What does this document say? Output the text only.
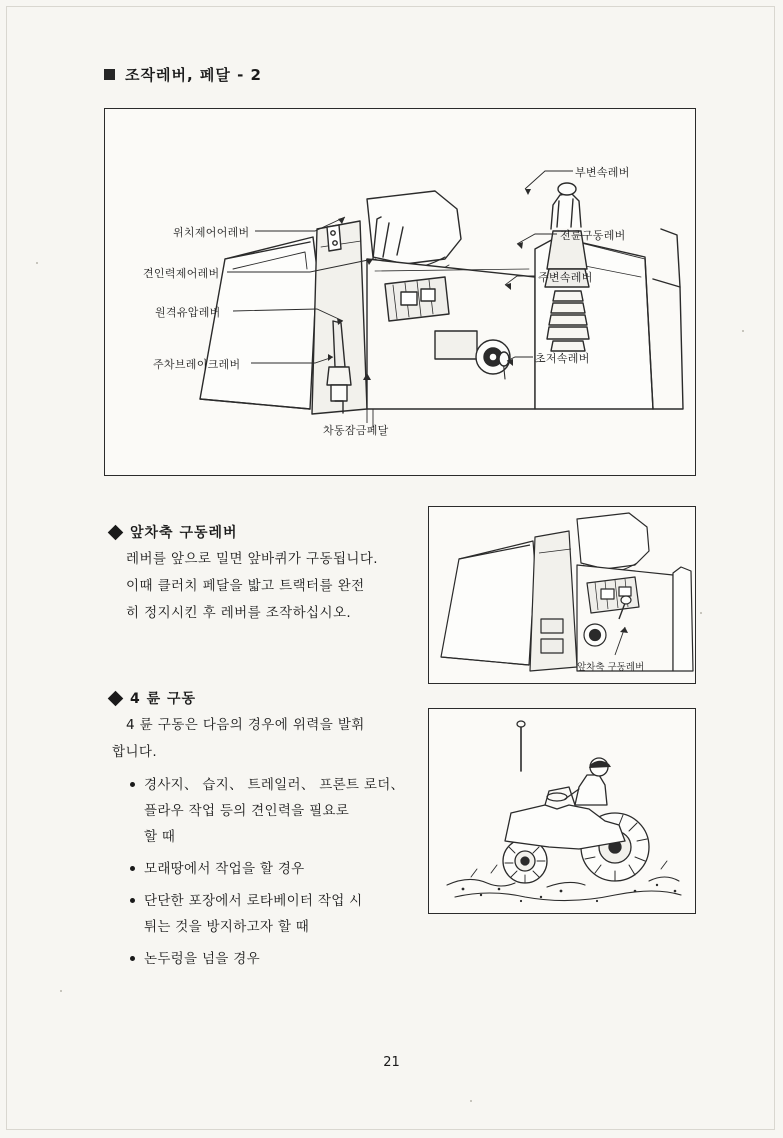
조작레버, 페달 - 2
위치제어어레버
견인력제어레버
원격유압레버
주차브레이크레버
부변속레버
전륜구동레버
주변속레버
초저속레버
차동잠금페달
앞차축 구동레버
레버를 앞으로 밀면 앞바퀴가 구동됩니다.
이때 클러치 페달을 밟고 트랙터를 완전
히 정지시킨 후 레버를 조작하십시오.
앞차축 구동레버
4 륜 구동
4 륜 구동은 다음의 경우에 위력을 발휘
합니다.
경사지、 습지、 트레일러、 프론트 로더、
플라우 작업 등의 견인력을 필요로
할 때
모래땅에서 작업을 할 경우
단단한 포장에서 로타베이터 작업 시
튀는 것을 방지하고자 할 때
논두렁을 넘을 경우
21
